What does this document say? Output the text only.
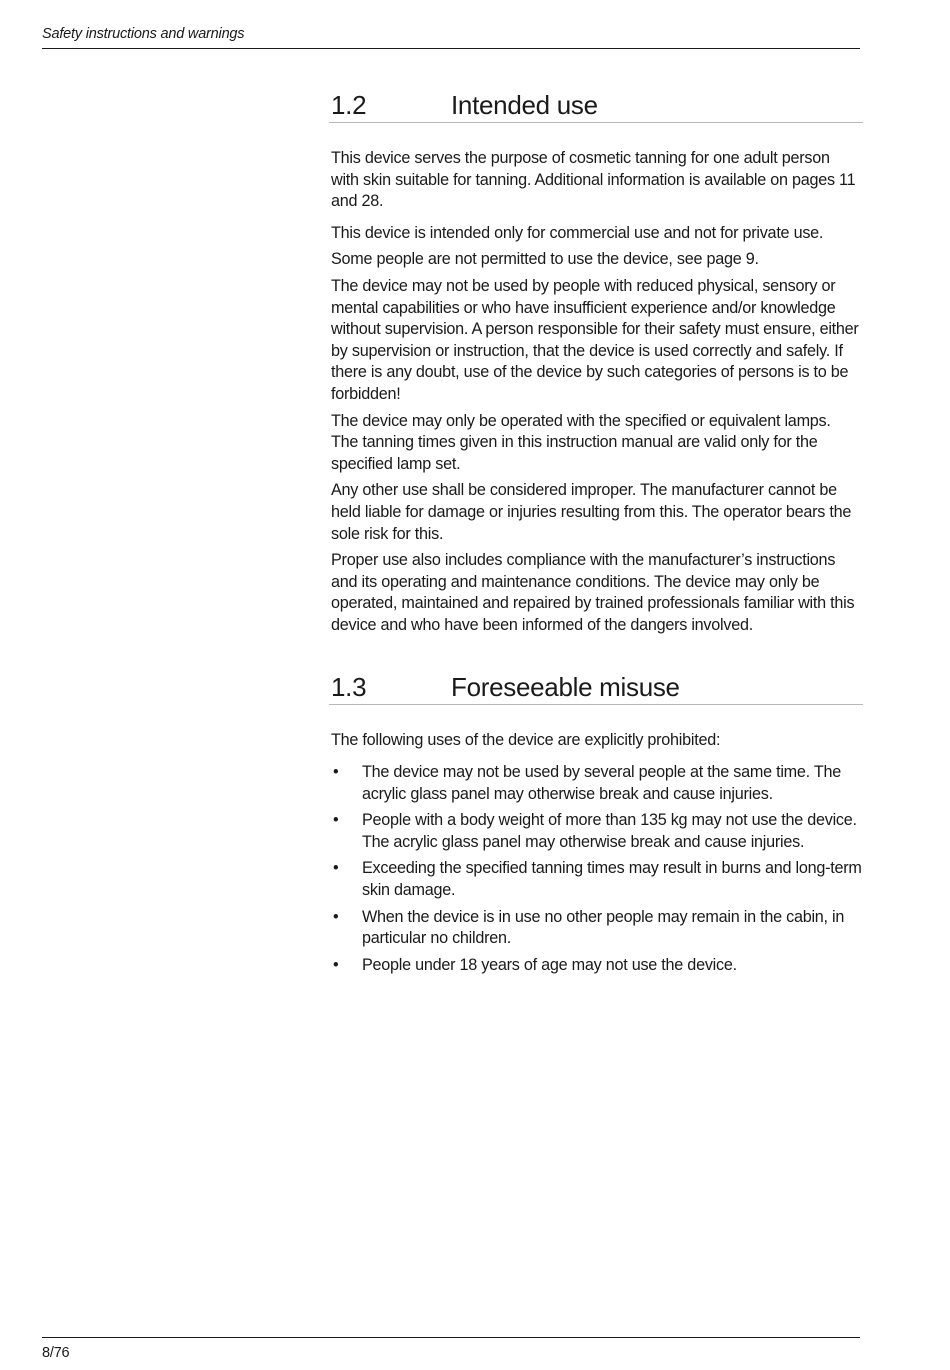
Safety instructions and warnings
1.2	Intended use

This device serves the purpose of cosmetic tanning for one adult person with skin suitable for tanning. Additional information is available on pages 11 and 28.

This device is intended only for commercial use and not for private use.

Some people are not permitted to use the device, see page 9.

The device may not be used by people with reduced physical, sensory or mental capabilities or who have insufficient experience and/or knowledge without supervision. A person responsible for their safety must ensure, either by supervision or instruction, that the device is used correctly and safely. If there is any doubt, use of the device by such categories of persons is to be forbidden!

The device may only be operated with the specified or equivalent lamps. The tanning times given in this instruction manual are valid only for the specified lamp set.

Any other use shall be considered improper. The manufacturer cannot be held liable for damage or injuries resulting from this. The operator bears the sole risk for this.

Proper use also includes compliance with the manufacturer’s instructions and its operating and maintenance conditions. The device may only be operated, maintained and repaired by trained professionals familiar with this device and who have been informed of the dangers involved.

1.3	Foreseeable misuse

The following uses of the device are explicitly prohibited:

• The device may not be used by several people at the same time. The acrylic glass panel may otherwise break and cause injuries.
• People with a body weight of more than 135 kg may not use the device. The acrylic glass panel may otherwise break and cause injuries.
• Exceeding the specified tanning times may result in burns and long-term skin damage.
• When the device is in use no other people may remain in the cabin, in particular no children.
• People under 18 years of age may not use the device.
8/76
